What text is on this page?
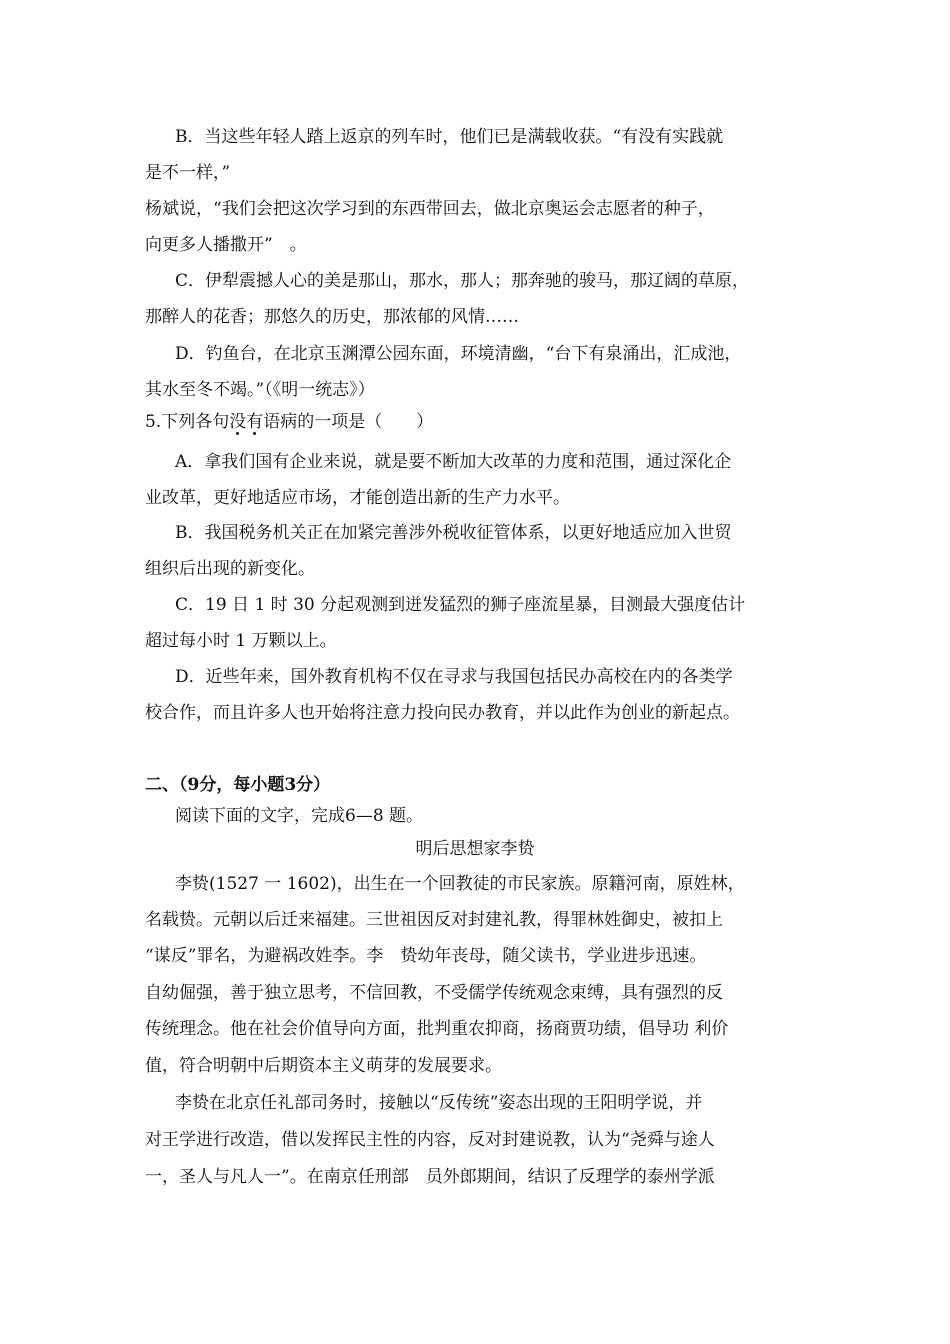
B．当这些年轻人踏上返京的列车时，他们已是满载收获。“有没有实践就
是不一样，”
杨斌说，“我们会把这次学习到的东西带回去，做北京奥运会志愿者的种子，
向更多人播撒开”　。
C．伊犁震撼人心的美是那山，那水，那人；那奔驰的骏马，那辽阔的草原，
那醉人的花香；那悠久的历史，那浓郁的风情……
D．钓鱼台，在北京玉渊潭公园东面，环境清幽，“台下有泉涌出，汇成池，
其水至冬不竭。”（《明一统志》）
5.下列各句没有语病的一项是（　　）
A．拿我们国有企业来说，就是要不断加大改革的力度和范围，通过深化企
业改革，更好地适应市场，才能创造出新的生产力水平。
B．我国税务机关正在加紧完善涉外税收征管体系，以更好地适应加入世贸
组织后出现的新变化。
C．19 日 1 时 30 分起观测到迸发猛烈的狮子座流星暴，目测最大强度估计
超过每小时 1 万颗以上。
D．近些年来，国外教育机构不仅在寻求与我国包括民办高校在内的各类学
校合作，而且许多人也开始将注意力投向民办教育，并以此作为创业的新起点。
二、（9分，每小题3分）
阅读下面的文字，完成6—8 题。
明后思想家李贽
李贽(1527 一 1602)，出生在一个回教徒的市民家族。原籍河南，原姓林，
名载贽。元朝以后迁来福建。三世祖因反对封建礼教，得罪林姓御史，被扣上
“谋反”罪名，为避祸改姓李。李　贽幼年丧母，随父读书，学业进步迅速。
自幼倔强，善于独立思考，不信回教，不受儒学传统观念束缚，具有强烈的反
传统理念。他在社会价值导向方面，批判重农抑商，扬商贾功绩，倡导功 利价
值，符合明朝中后期资本主义萌芽的发展要求。
李贽在北京任礼部司务时，接触以“反传统”姿态出现的王阳明学说，并
对王学进行改造，借以发挥民主性的内容，反对封建说教，认为“尧舜与途人
一，圣人与凡人一”。在南京任刑部　员外郎期间，结识了反理学的泰州学派
